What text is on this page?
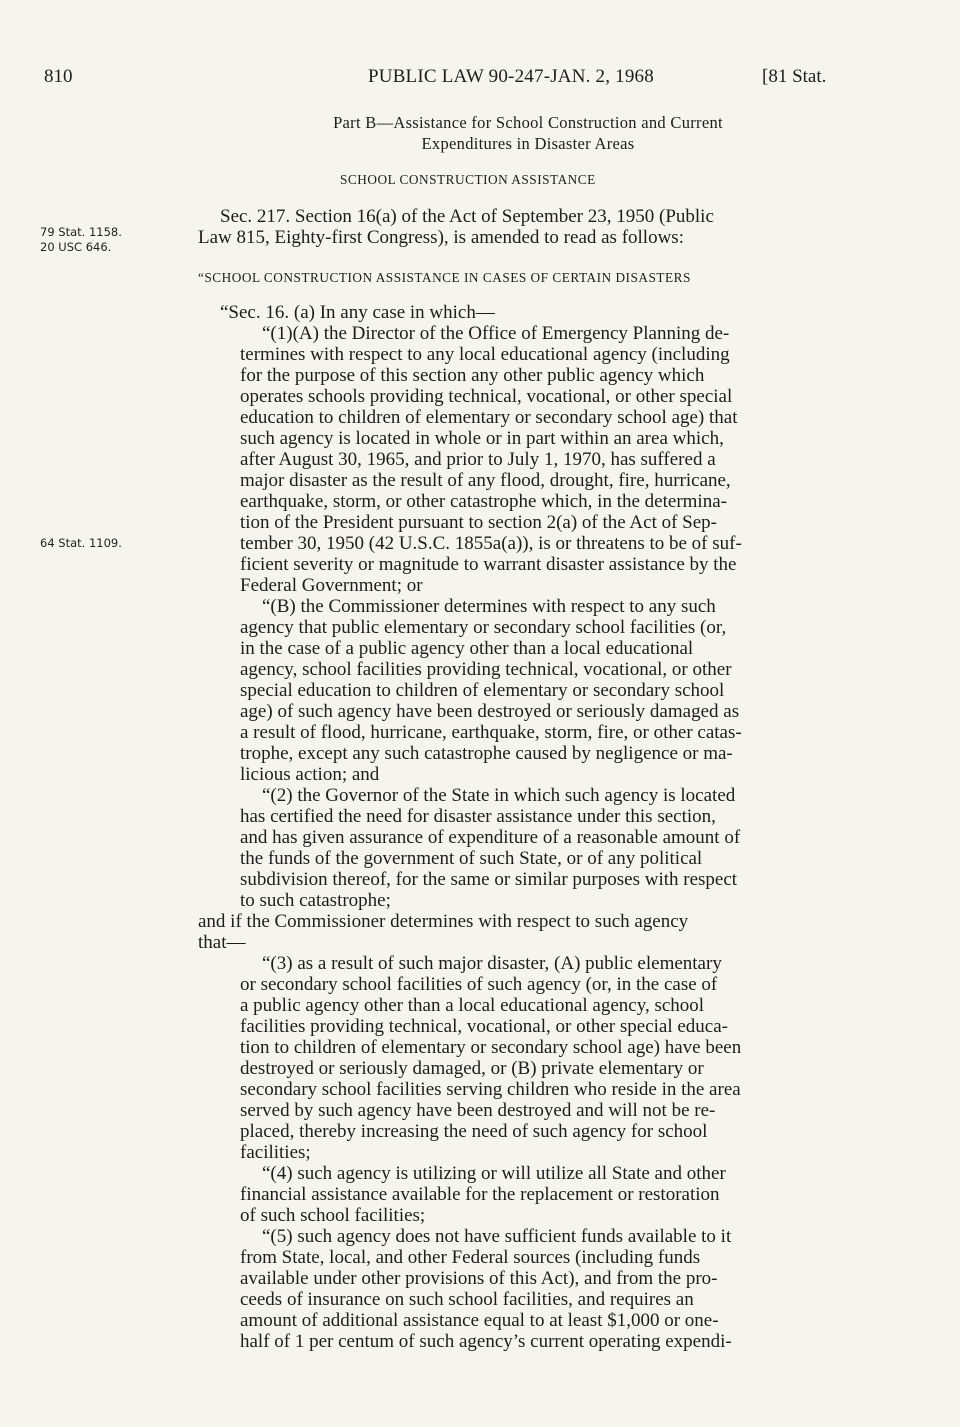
810	PUBLIC LAW 90-247-JAN. 2, 1968	[81 Stat.
Part B—Assistance for School Construction and Current
Expenditures in Disaster Areas
SCHOOL CONSTRUCTION ASSISTANCE
Sec. 217. Section 16(a) of the Act of September 23, 1950 (Public
Law 815, Eighty-first Congress), is amended to read as follows:
79 Stat. 1158.
20 USC 646.
“SCHOOL CONSTRUCTION ASSISTANCE IN CASES OF CERTAIN DISASTERS
“Sec. 16. (a) In any case in which—
64 Stat. 1109.
“(1)(A) the Director of the Office of Emergency Planning de-
termines with respect to any local educational agency (including
for the purpose of this section any other public agency which
operates schools providing technical, vocational, or other special
education to children of elementary or secondary school age) that
such agency is located in whole or in part within an area which,
after August 30, 1965, and prior to July 1, 1970, has suffered a
major disaster as the result of any flood, drought, fire, hurricane,
earthquake, storm, or other catastrophe which, in the determina-
tion of the President pursuant to section 2(a) of the Act of Sep-
tember 30, 1950 (42 U.S.C. 1855a(a)), is or threatens to be of suf-
ficient severity or magnitude to warrant disaster assistance by the
Federal Government; or
“(B) the Commissioner determines with respect to any such
agency that public elementary or secondary school facilities (or,
in the case of a public agency other than a local educational
agency, school facilities providing technical, vocational, or other
special education to children of elementary or secondary school
age) of such agency have been destroyed or seriously damaged as
a result of flood, hurricane, earthquake, storm, fire, or other catas-
trophe, except any such catastrophe caused by negligence or ma-
licious action; and
“(2) the Governor of the State in which such agency is located
has certified the need for disaster assistance under this section,
and has given assurance of expenditure of a reasonable amount of
the funds of the government of such State, or of any political
subdivision thereof, for the same or similar purposes with respect
to such catastrophe;
and if the Commissioner determines with respect to such agency
that—
“(3) as a result of such major disaster, (A) public elementary
or secondary school facilities of such agency (or, in the case of
a public agency other than a local educational agency, school
facilities providing technical, vocational, or other special educa-
tion to children of elementary or secondary school age) have been
destroyed or seriously damaged, or (B) private elementary or
secondary school facilities serving children who reside in the area
served by such agency have been destroyed and will not be re-
placed, thereby increasing the need of such agency for school
facilities;
“(4) such agency is utilizing or will utilize all State and other
financial assistance available for the replacement or restoration
of such school facilities;
“(5) such agency does not have sufficient funds available to it
from State, local, and other Federal sources (including funds
available under other provisions of this Act), and from the pro-
ceeds of insurance on such school facilities, and requires an
amount of additional assistance equal to at least $1,000 or one-
half of 1 per centum of such agency’s current operating expendi-
